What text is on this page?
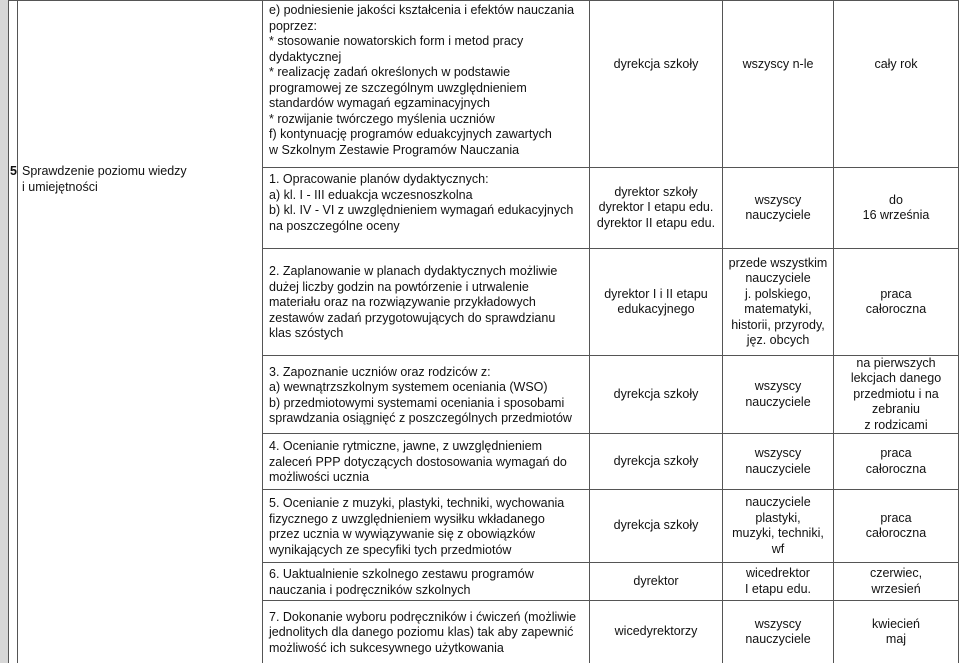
5 Sprawdzenie poziomu wiedzy
i umiejętności
e) podniesienie jakości kształcenia i efektów nauczania
poprzez:
* stosowanie nowatorskich form i metod pracy
dydaktycznej
* realizację zadań określonych w podstawie
programowej ze szczególnym uwzględnieniem
standardów wymagań egzaminacyjnych
* rozwijanie twórczego myślenia uczniów
f) kontynuację programów eduakcyjnych zawartych
w Szkolnym Zestawie Programów Nauczania
dyrekcja szkoły	wszyscy n-le	cały rok
1. Opracowanie planów dydaktycznych:
a) kl. I - III eduakcja wczesnoszkolna
b) kl. IV - VI z uwzględnieniem wymagań edukacyjnych
na poszczególne oceny
dyrektor szkoły
dyrektor I etapu edu.
dyrektor II etapu edu.
wszyscy
nauczyciele
do
16 września
2. Zaplanowanie w planach dydaktycznych możliwie
dużej liczby godzin na powtórzenie i utrwalenie
materiału oraz na rozwiązywanie przykładowych
zestawów zadań przygotowujących do sprawdzianu
klas szóstych
dyrektor I i II etapu
edukacyjnego
przede wszystkim
nauczyciele
j. polskiego,
matematyki,
historii, przyrody,
jęz. obcych
praca
całoroczna
3. Zapoznanie uczniów oraz rodziców z:
a) wewnątrzszkolnym systemem oceniania (WSO)
b) przedmiotowymi systemami oceniania i sposobami
sprawdzania osiągnięć z poszczególnych przedmiotów
dyrekcja szkoły
wszyscy
nauczyciele
na pierwszych
lekcjach danego
przedmiotu i na
zebraniu
z rodzicami
4. Ocenianie rytmiczne, jawne, z uwzględnieniem
zaleceń PPP dotyczących dostosowania wymagań do
możliwości ucznia
dyrekcja szkoły
wszyscy
nauczyciele
praca
całoroczna
5. Ocenianie z muzyki, plastyki, techniki, wychowania
fizycznego z uwzględnieniem wysiłku wkładanego
przez ucznia w wywiązywanie się z obowiązków
wynikających ze specyfiki tych przedmiotów
dyrekcja szkoły
nauczyciele
plastyki,
muzyki, techniki,
wf
praca
całoroczna
6. Uaktualnienie szkolnego zestawu programów
nauczania i podręczników szkolnych
dyrektor
wicedrektor
I etapu edu.
czerwiec,
wrzesień
7. Dokonanie wyboru podręczników i ćwiczeń (możliwie
jednolitych dla danego poziomu klas) tak aby zapewnić
możliwość ich sukcesywnego użytkowania
wicedyrektorzy
wszyscy
nauczyciele
kwiecień
maj
